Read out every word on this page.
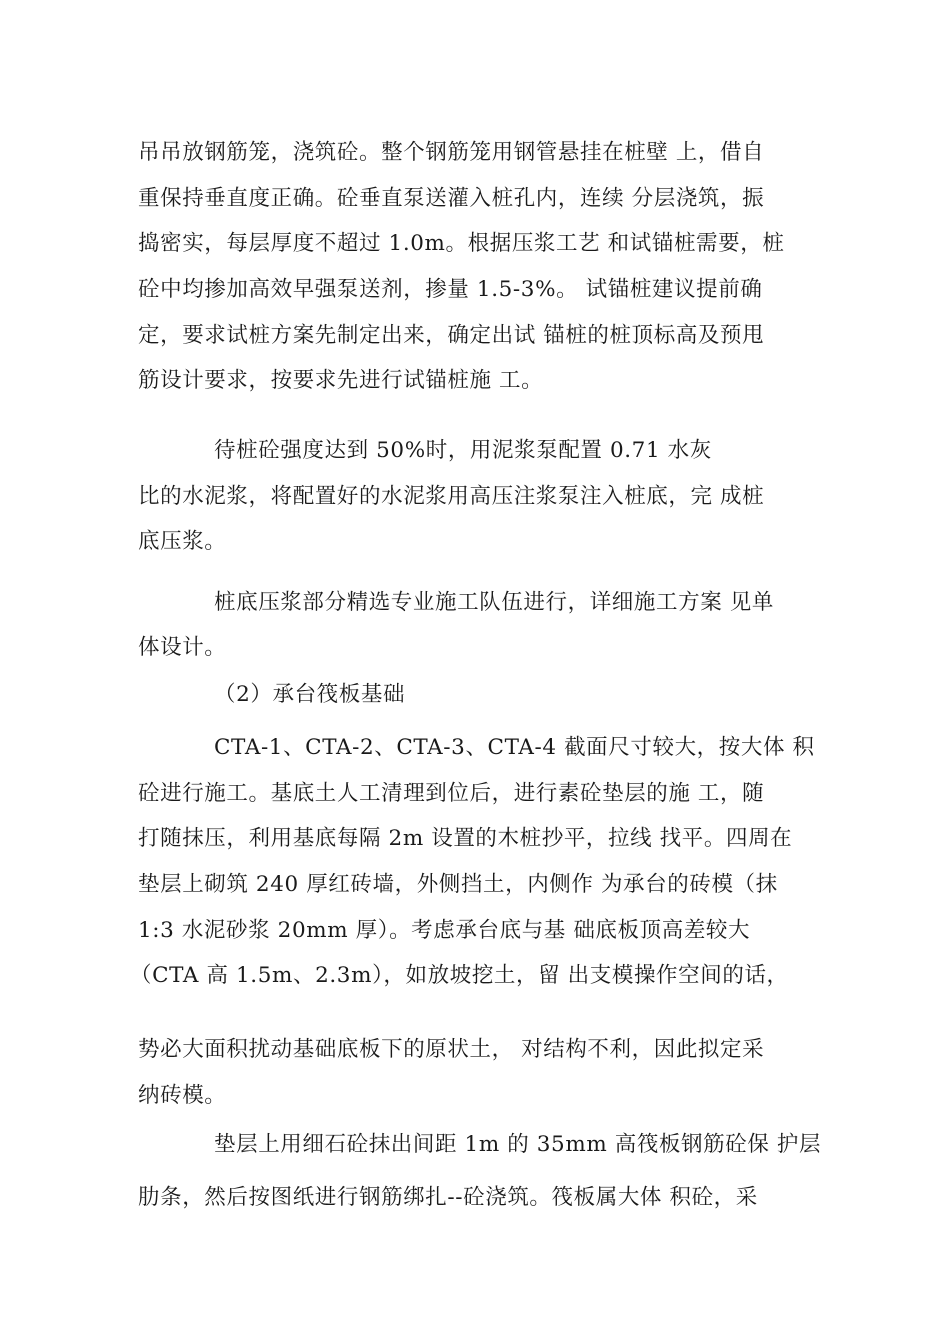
吊吊放钢筋笼，浇筑砼。整个钢筋笼用钢管悬挂在桩壁 上，借自
重保持垂直度正确。砼垂直泵送灌入桩孔内，连续 分层浇筑，振
捣密实，每层厚度不超过 1.0m。根据压浆工艺 和试锚桩需要，桩
砼中均掺加高效早强泵送剂，掺量 1.5-3%。 试锚桩建议提前确
定，要求试桩方案先制定出来，确定出试 锚桩的桩顶标高及预甩
筋设计要求，按要求先进行试锚桩施 工。
待桩砼强度达到 50%时，用泥浆泵配置 0.71 水灰
比的水泥浆，将配置好的水泥浆用高压注浆泵注入桩底，完 成桩
底压浆。
桩底压浆部分精选专业施工队伍进行，详细施工方案 见单
体设计。
（2）承台筏板基础
CTA-1、CTA-2、CTA-3、CTA-4 截面尺寸较大，按大体 积
砼进行施工。基底土人工清理到位后，进行素砼垫层的施 工，随
打随抹压，利用基底每隔 2m 设置的木桩抄平，拉线 找平。四周在
垫层上砌筑 240 厚红砖墙，外侧挡土，内侧作 为承台的砖模（抹
1:3 水泥砂浆 20mm 厚）。考虑承台底与基 础底板顶高差较大
（CTA 高 1.5m、2.3m），如放坡挖土，留 出支模操作空间的话，
势必大面积扰动基础底板下的原状土， 对结构不利，因此拟定采
纳砖模。
垫层上用细石砼抹出间距 1m 的 35mm 高筏板钢筋砼保 护层
肋条，然后按图纸进行钢筋绑扎--砼浇筑。筏板属大体 积砼，采
